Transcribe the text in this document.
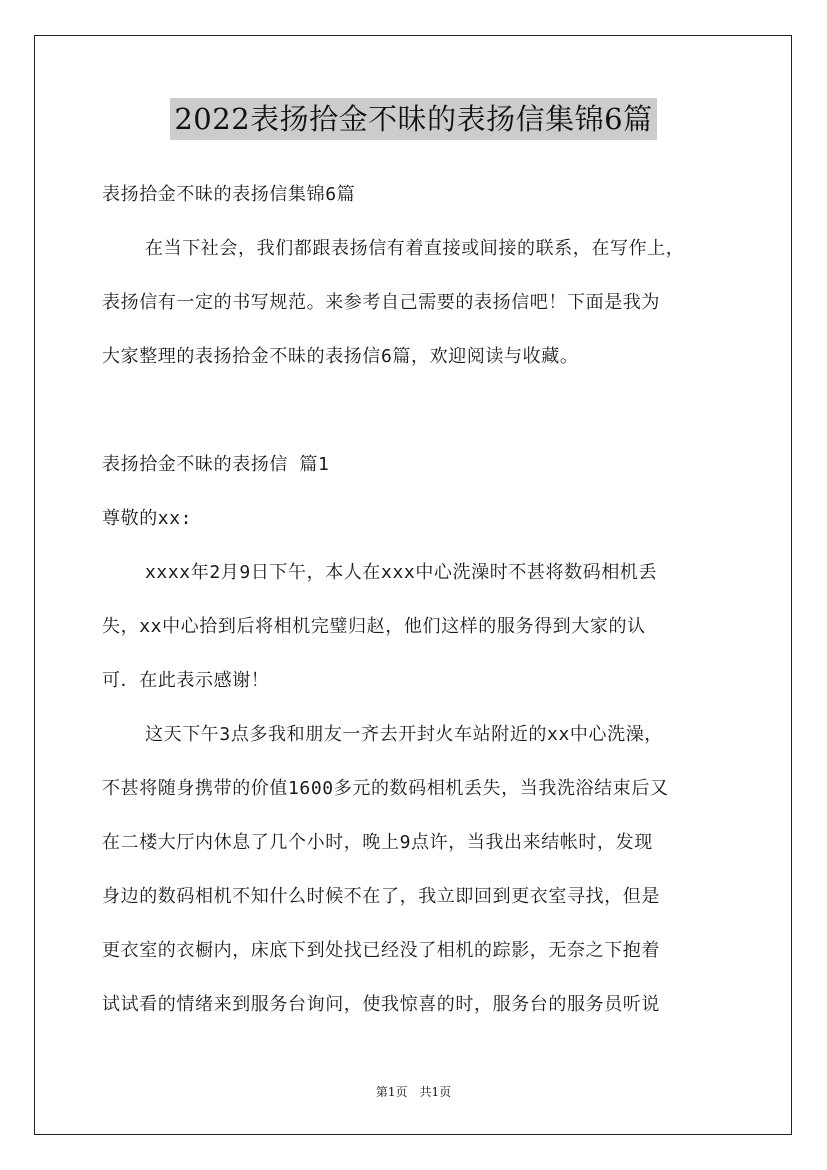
2022表扬拾金不昧的表扬信集锦6篇
表扬拾金不昧的表扬信集锦6篇
在当下社会，我们都跟表扬信有着直接或间接的联系，在写作上，
表扬信有一定的书写规范。来参考自己需要的表扬信吧！下面是我为
大家整理的表扬拾金不昧的表扬信6篇，欢迎阅读与收藏。
表扬拾金不昧的表扬信 篇1
尊敬的xx:
xxxx年2月9日下午，本人在xxx中心洗澡时不甚将数码相机丢
失，xx中心拾到后将相机完璧归赵，他们这样的服务得到大家的认
可．在此表示感谢！
这天下午3点多我和朋友一齐去开封火车站附近的xx中心洗澡，
不甚将随身携带的价值1600多元的数码相机丢失，当我洗浴结束后又
在二楼大厅内休息了几个小时，晚上9点许，当我出来结帐时，发现
身边的数码相机不知什么时候不在了，我立即回到更衣室寻找，但是
更衣室的衣橱内，床底下到处找已经没了相机的踪影，无奈之下抱着
试试看的情绪来到服务台询问，使我惊喜的时，服务台的服务员听说
第1页 共1页
